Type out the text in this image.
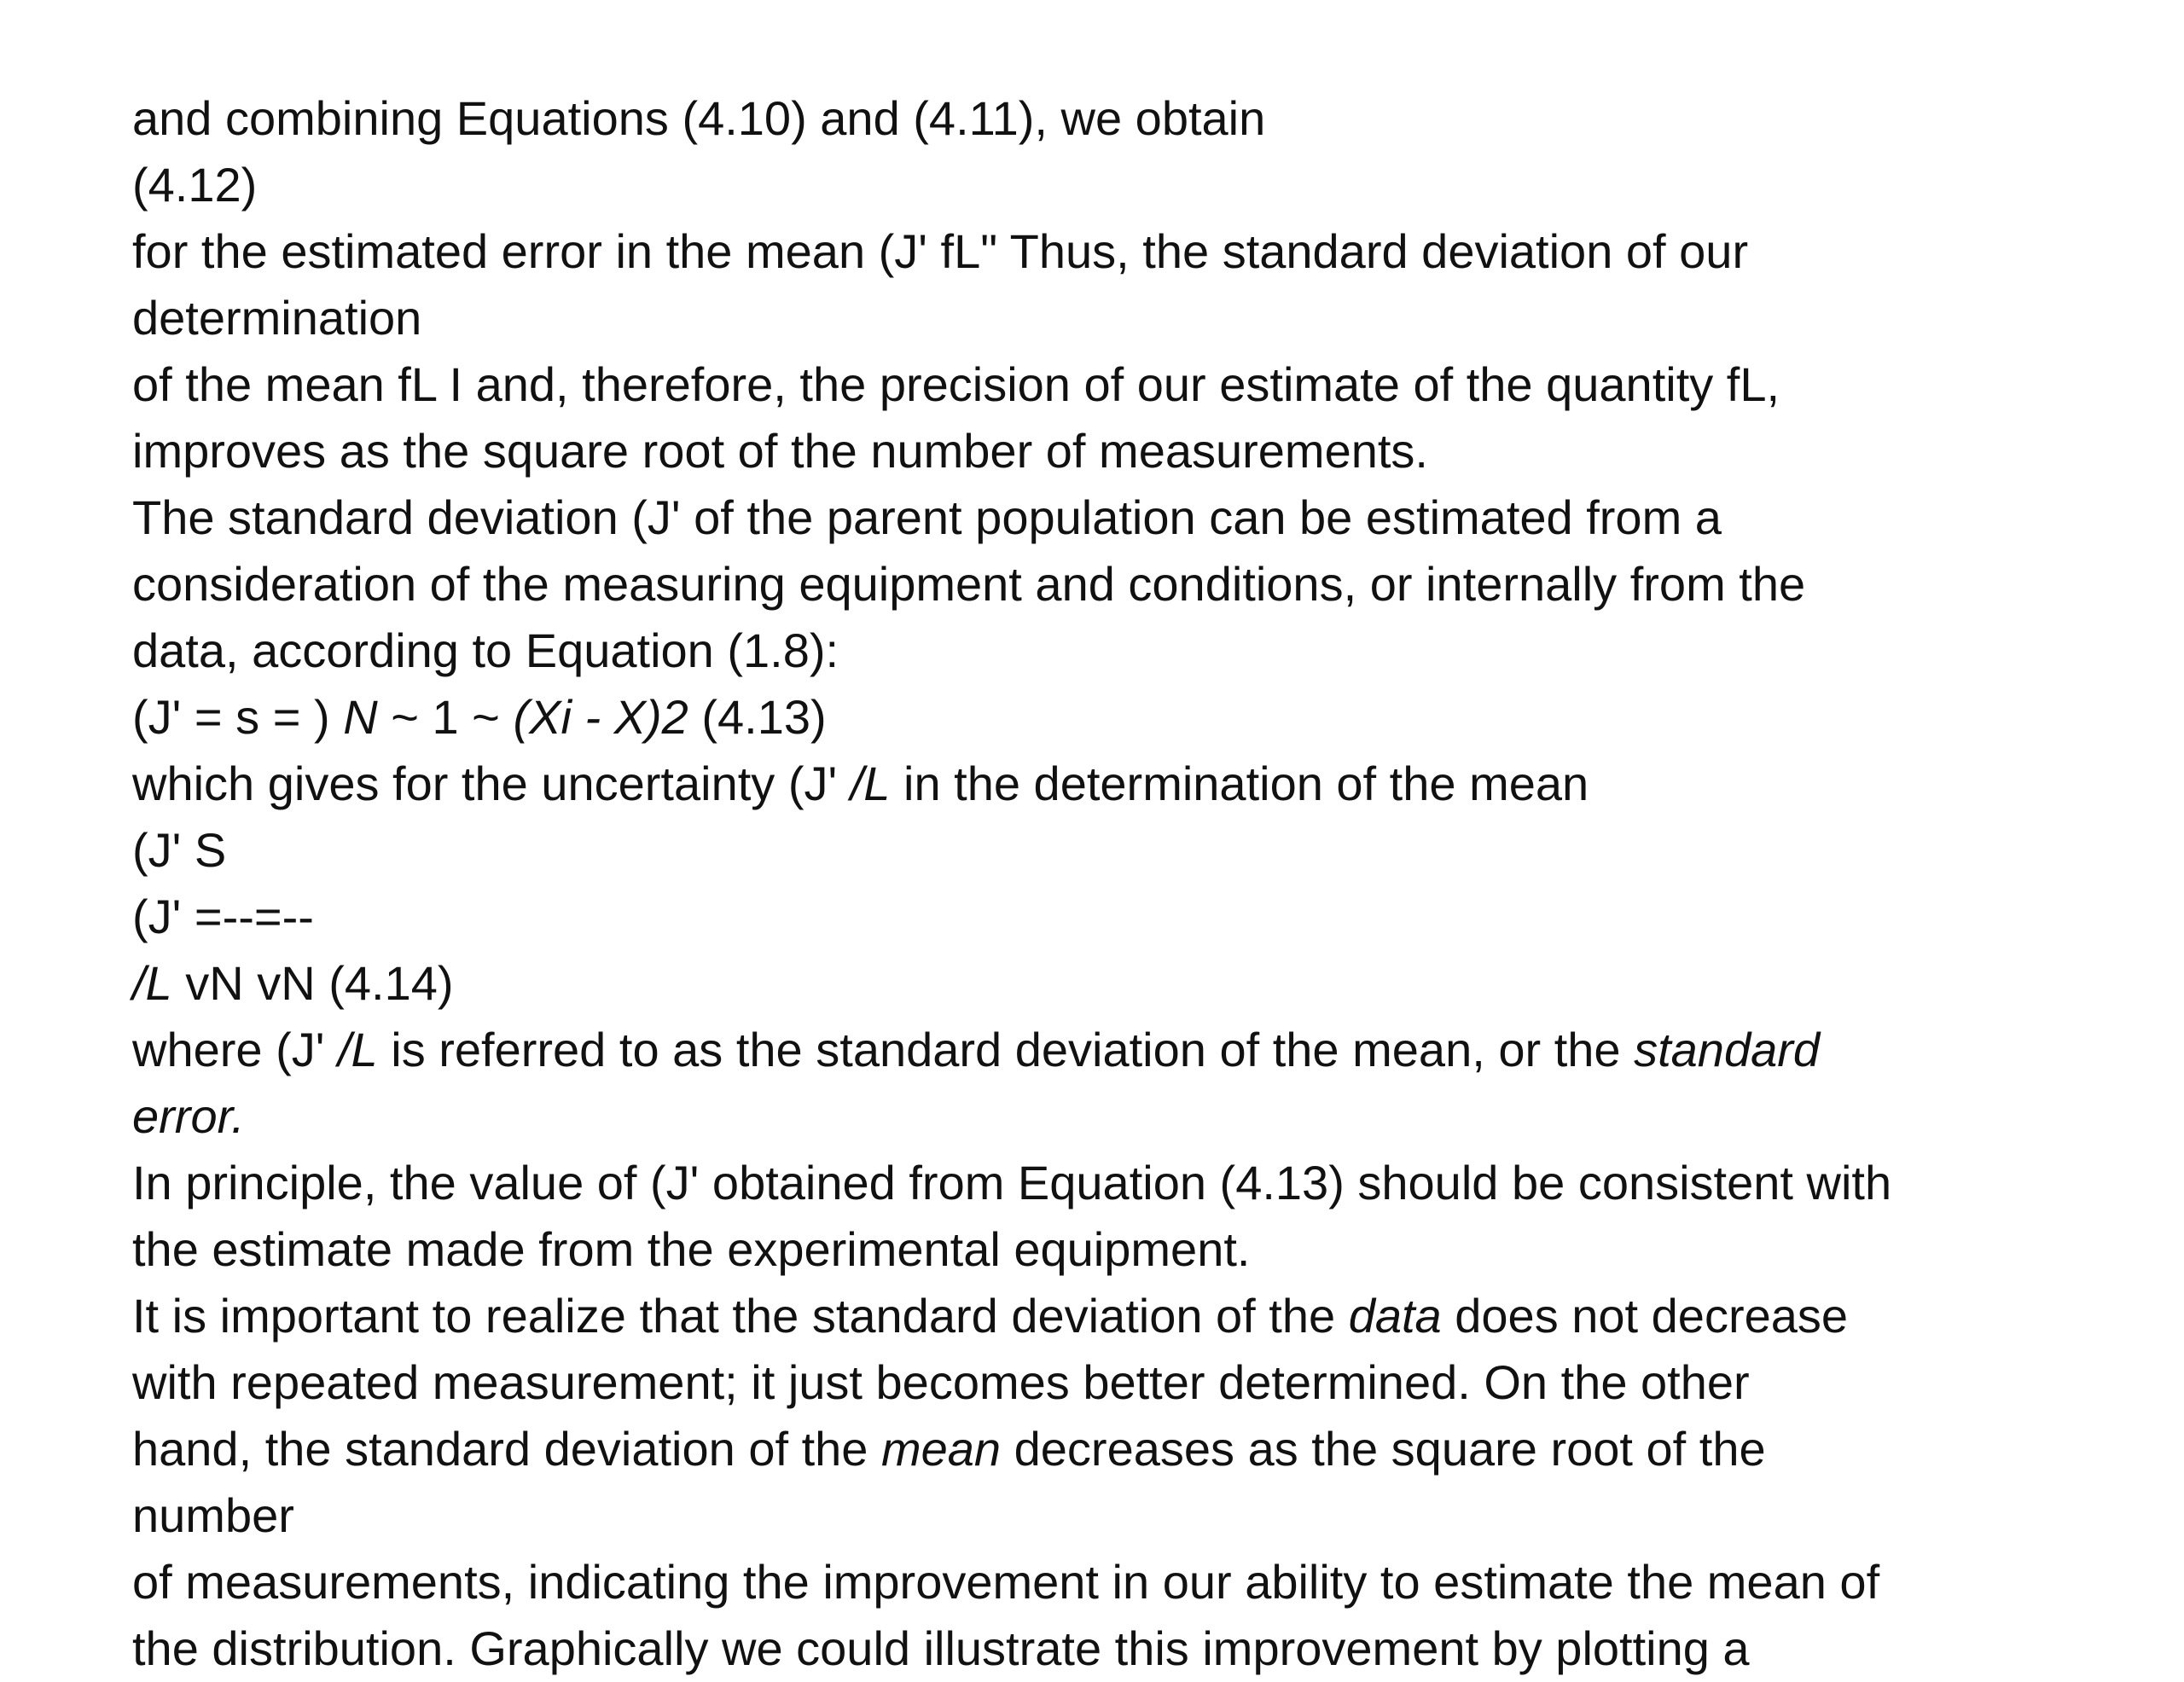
and combining Equations (4.10) and (4.11), we obtain
(4.12)
for the estimated error in the mean (J' fL" Thus, the standard deviation of our
determination
of the mean fL I and, therefore, the precision of our estimate of the quantity fL,
improves as the square root of the number of measurements.
The standard deviation (J' of the parent population can be estimated from a
consideration of the measuring equipment and conditions, or internally from the
data, according to Equation (1.8):
(J' = s = ) N ~ 1 ~ (Xi - X)2 (4.13)
which gives for the uncertainty (J' /L in the determination of the mean
(J' S
(J' =--=--
/L vN vN (4.14)
where (J' /L is referred to as the standard deviation of the mean, or the standard
error.
In principle, the value of (J' obtained from Equation (4.13) should be consistent with
the estimate made from the experimental equipment.
It is important to realize that the standard deviation of the data does not decrease
with repeated measurement; it just becomes better determined. On the other
hand, the standard deviation of the mean decreases as the square root of the
number
of measurements, indicating the improvement in our ability to estimate the mean of
the distribution. Graphically we could illustrate this improvement by plotting a
